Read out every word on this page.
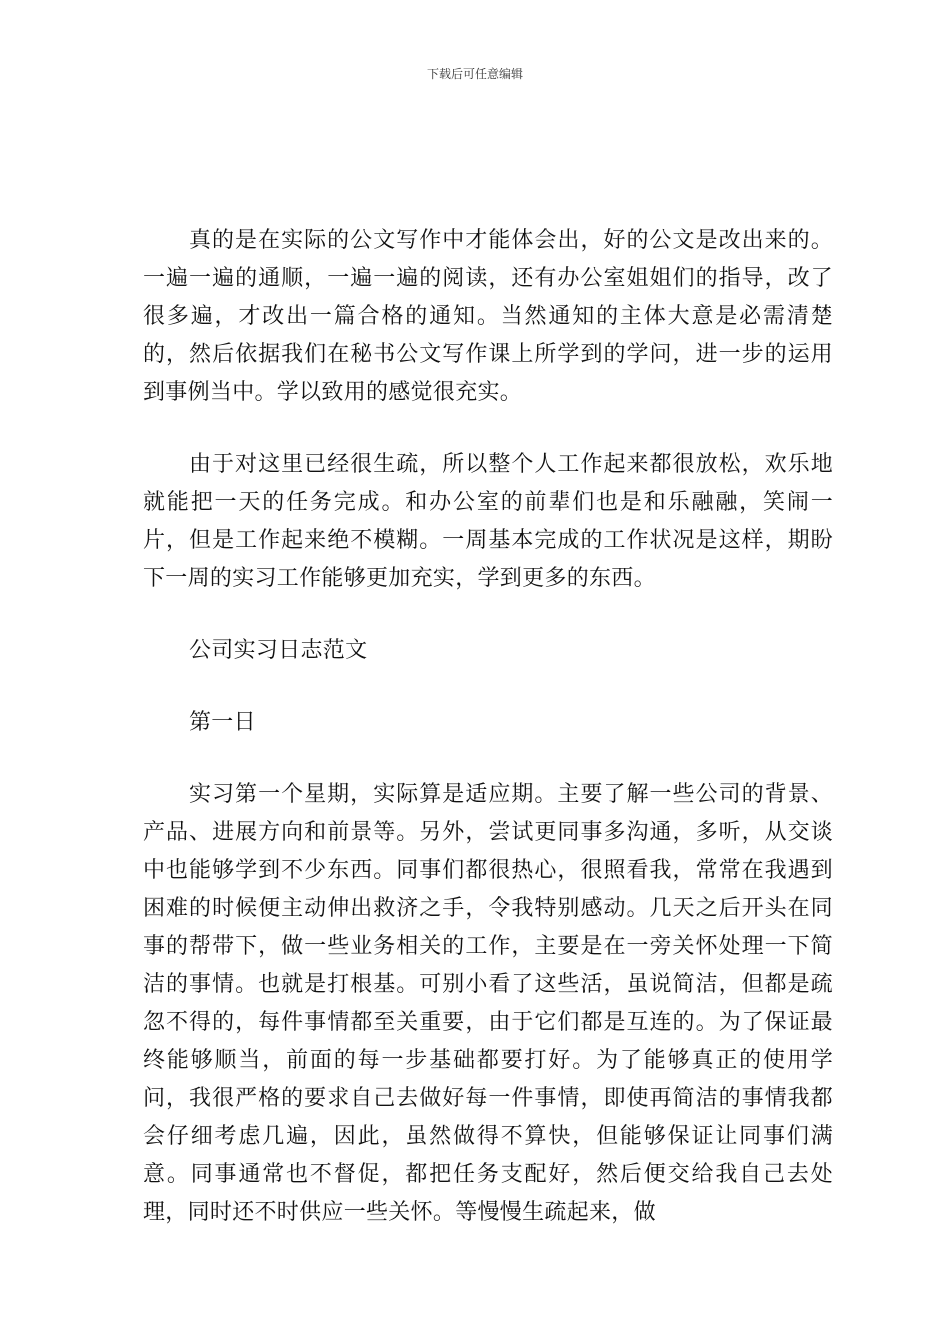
下载后可任意编辑

真的是在实际的公文写作中才能体会出，好的公文是改出来的。一遍一遍的通顺，一遍一遍的阅读，还有办公室姐姐们的指导，改了很多遍，才改出一篇合格的通知。当然通知的主体大意是必需清楚的，然后依据我们在秘书公文写作课上所学到的学问，进一步的运用到事例当中。学以致用的感觉很充实。

由于对这里已经很生疏，所以整个人工作起来都很放松，欢乐地就能把一天的任务完成。和办公室的前辈们也是和乐融融，笑闹一片，但是工作起来绝不模糊。一周基本完成的工作状况是这样，期盼下一周的实习工作能够更加充实，学到更多的东西。

公司实习日志范文

第一日

实习第一个星期，实际算是适应期。主要了解一些公司的背景、产品、进展方向和前景等。另外，尝试更同事多沟通，多听，从交谈中也能够学到不少东西。同事们都很热心，很照看我，常常在我遇到困难的时候便主动伸出救济之手，令我特别感动。几天之后开头在同事的帮带下，做一些业务相关的工作，主要是在一旁关怀处理一下简洁的事情。也就是打根基。可别小看了这些活，虽说简洁，但都是疏忽不得的，每件事情都至关重要，由于它们都是互连的。为了保证最终能够顺当，前面的每一步基础都要打好。为了能够真正的使用学问，我很严格的要求自己去做好每一件事情，即使再简洁的事情我都会仔细考虑几遍，因此，虽然做得不算快，但能够保证让同事们满意。同事通常也不督促，都把任务支配好，然后便交给我自己去处理，同时还不时供应一些关怀。等慢慢生疏起来，做
